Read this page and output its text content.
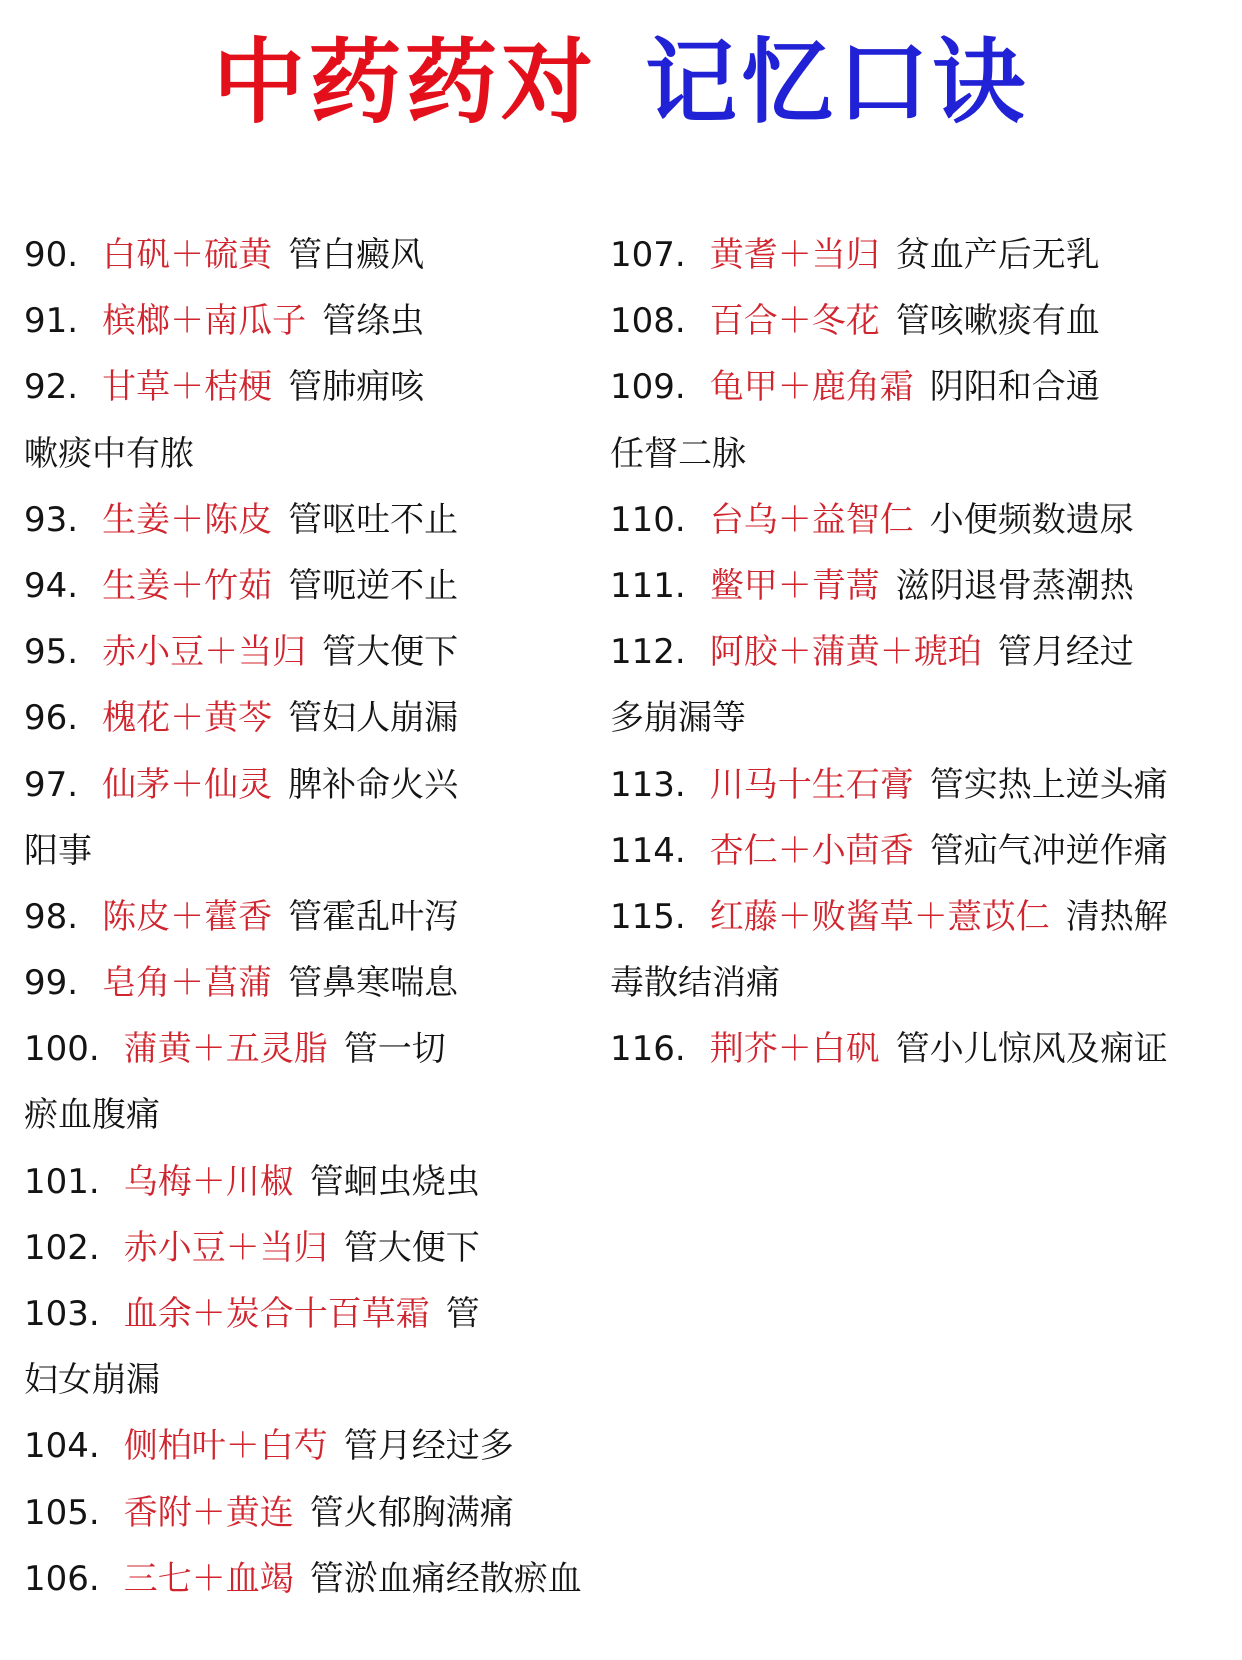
中药药对 记忆口诀
90. 白矾＋硫黄 管白癜风
91. 槟榔＋南瓜子 管绦虫
92. 甘草＋桔梗 管肺痈咳
嗽痰中有脓
93. 生姜＋陈皮 管呕吐不止
94. 生姜＋竹茹 管呃逆不止
95. 赤小豆＋当归 管大便下
96. 槐花＋黄芩 管妇人崩漏
97. 仙茅＋仙灵 脾补命火兴
阳事
98. 陈皮＋藿香 管霍乱叶泻
99. 皂角＋菖蒲 管鼻寒喘息
100. 蒲黄＋五灵脂 管一切
瘀血腹痛
101. 乌梅＋川椒 管蛔虫烧虫
102. 赤小豆＋当归 管大便下
103. 血余＋炭合十百草霜 管
妇女崩漏
104. 侧柏叶＋白芍 管月经过多
105. 香附＋黄连 管火郁胸满痛
106. 三七＋血竭 管淤血痛经散瘀血
107. 黄耆＋当归 贫血产后无乳
108. 百合＋冬花 管咳嗽痰有血
109. 龟甲＋鹿角霜 阴阳和合通
任督二脉
110. 台乌＋益智仁 小便频数遗尿
111. 鳖甲＋青蒿 滋阴退骨蒸潮热
112. 阿胶＋蒲黄＋琥珀 管月经过
多崩漏等
113. 川马十生石膏 管实热上逆头痛
114. 杏仁＋小茴香 管疝气冲逆作痛
115. 红藤＋败酱草＋薏苡仁 清热解
毒散结消痛
116. 荆芥＋白矾 管小儿惊风及痫证
